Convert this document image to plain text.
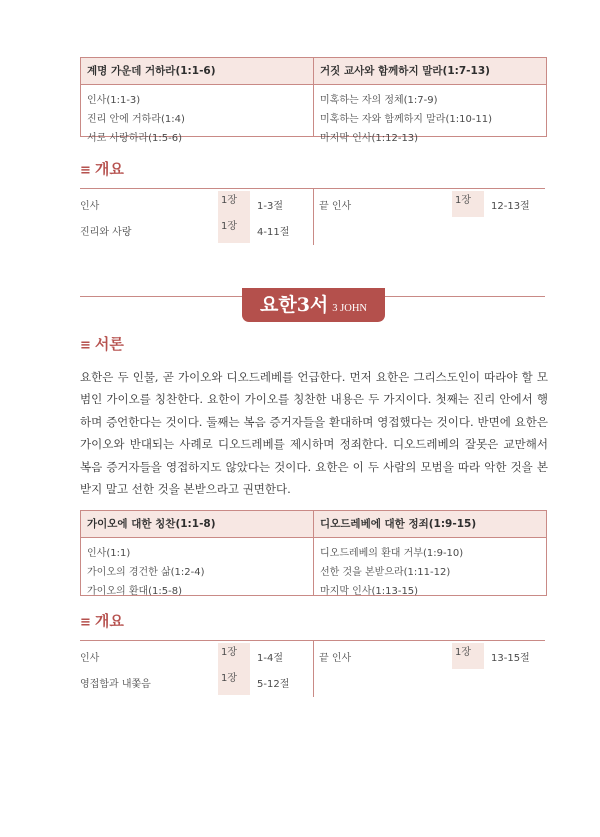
계명 가운데 거하라(1:1-6)	거짓 교사와 함께하지 말라(1:7-13)
인사(1:1-3)
진리 안에 거하라(1:4)
서로 사랑하라(1:5-6)
미혹하는 자의 정체(1:7-9)
미혹하는 자와 함께하지 말라(1:10-11)
마지막 인사(1:12-13)
≡ 개요
인사
1장
1-3절
진리와 사랑
1장
4-11절
끝 인사
1장
12-13절
요한3서 3 JOHN
≡ 서론

요한은 두 인물, 곧 가이오와 디오드레베를 언급한다. 먼저 요한은 그리스도인이 따라야 할 모범인 가이오를 칭찬한다. 요한이 가이오를 칭찬한 내용은 두 가지이다. 첫째는 진리 안에서 행하며 증언한다는 것이다. 둘째는 복음 증거자들을 환대하며 영접했다는 것이다. 반면에 요한은 가이오와 반대되는 사례로 디오드레베를 제시하며 정죄한다. 디오드레베의 잘못은 교만해서 복음 증거자들을 영접하지도 않았다는 것이다. 요한은 이 두 사람의 모범을 따라 악한 것을 본받지 말고 선한 것을 본받으라고 권면한다.

가이오에 대한 칭찬(1:1-8)	디오드레베에 대한 정죄(1:9-15)
인사(1:1)
가이오의 경건한 삶(1:2-4)
가이오의 환대(1:5-8)
디오드레베의 환대 거부(1:9-10)
선한 것을 본받으라(1:11-12)
마지막 인사(1:13-15)
≡ 개요
인사
1장
1-4절
영접함과 내쫓음
1장
5-12절
끝 인사
1장
13-15절
